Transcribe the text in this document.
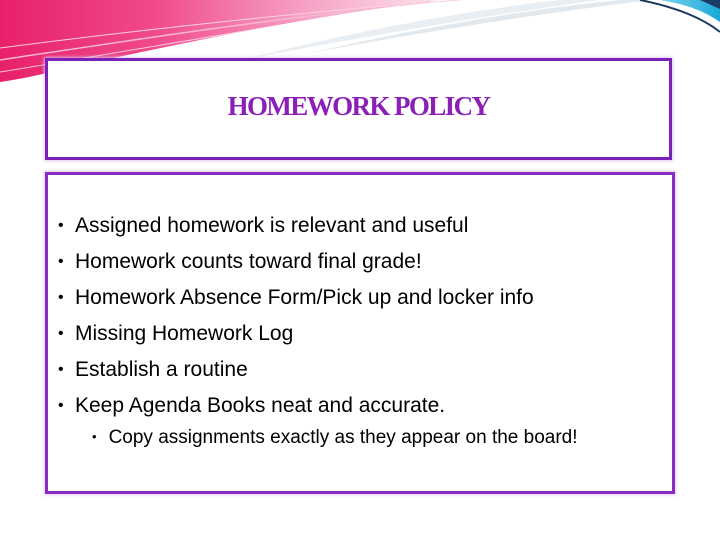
HOMEWORK POLICY
• Assigned homework is relevant and useful
• Homework counts toward final grade!
• Homework Absence Form/Pick up and locker info
• Missing Homework Log
• Establish a routine
• Keep Agenda Books neat and accurate.
• Copy assignments exactly as they appear on the board!
